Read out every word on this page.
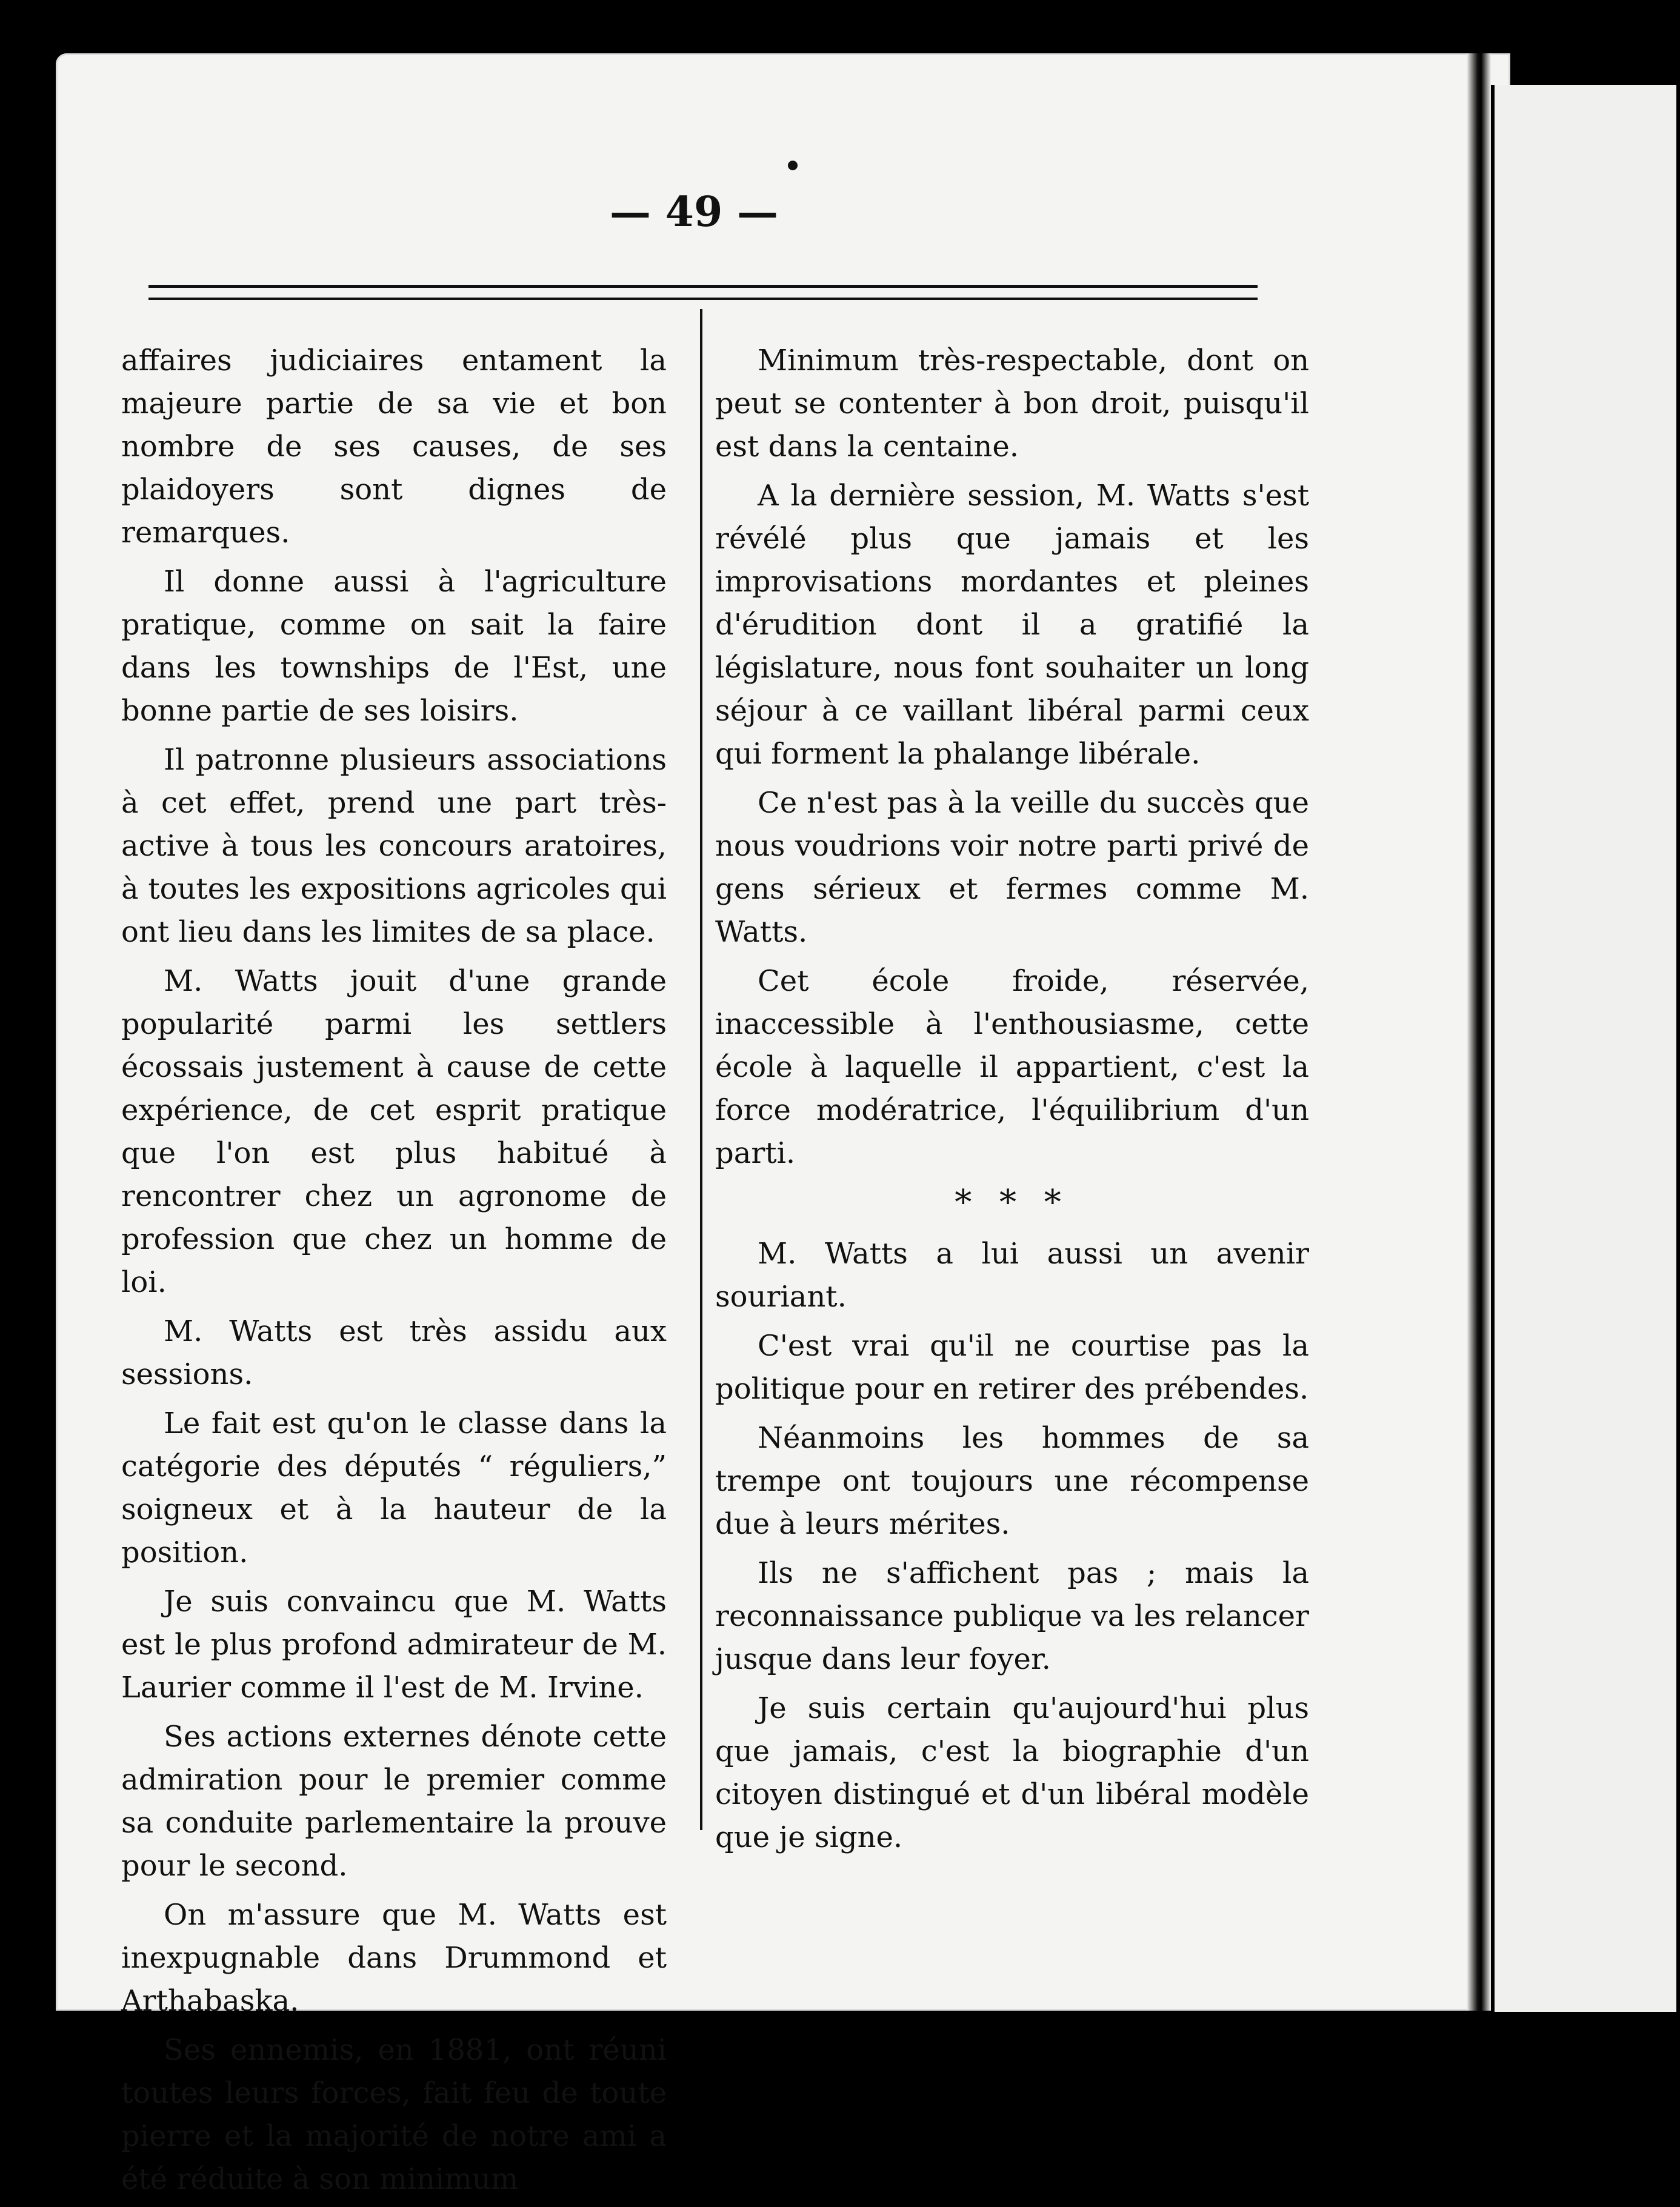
— 49 —

affaires judiciaires entament la majeure partie de sa vie et bon nombre de ses causes, de ses plaidoyers sont dignes de remarques.

Il donne aussi à l'agriculture pratique, comme on sait la faire dans les townships de l'Est, une bonne partie de ses loisirs.

Il patronne plusieurs associations à cet effet, prend une part très-active à tous les concours aratoires, à toutes les expositions agricoles qui ont lieu dans les limites de sa place.

M. Watts jouit d'une grande popularité parmi les settlers écossais justement à cause de cette expérience, de cet esprit pratique que l'on est plus habitué à rencontrer chez un agronome de profession que chez un homme de loi.

M. Watts est très assidu aux sessions.

Le fait est qu'on le classe dans la catégorie des députés “ réguliers,” soigneux et à la hauteur de la position.

Je suis convaincu que M. Watts est le plus profond admirateur de M. Laurier comme il l'est de M. Irvine.

Ses actions externes dénote cette admiration pour le premier comme sa conduite parlementaire la prouve pour le second.

On m'assure que M. Watts est inexpugnable dans Drummond et Arthabaska.

Ses ennemis, en 1881, ont réuni toutes leurs forces, fait feu de toute pierre et la majorité de notre ami a été réduite à son minimum

Minimum très-respectable, dont on peut se contenter à bon droit, puisqu'il est dans la centaine.

A la dernière session, M. Watts s'est révélé plus que jamais et les improvisations mordantes et pleines d'érudition dont il a gratifié la législature, nous font souhaiter un long séjour à ce vaillant libéral parmi ceux qui forment la phalange libérale.

Ce n'est pas à la veille du succès que nous voudrions voir notre parti privé de gens sérieux et fermes comme M. Watts.

Cet école froide, réservée, inaccessible à l'enthousiasme, cette école à laquelle il appartient, c'est la force modératrice, l'équilibrium d'un parti.

* * *

M. Watts a lui aussi un avenir souriant.

C'est vrai qu'il ne courtise pas la politique pour en retirer des prébendes.

Néanmoins les hommes de sa trempe ont toujours une récompense due à leurs mérites.

Ils ne s'affichent pas ; mais la reconnaissance publique va les relancer jusque dans leur foyer.

Je suis certain qu'aujourd'hui plus que jamais, c'est la biographie d'un citoyen distingué et d'un libéral modèle que je signe.
